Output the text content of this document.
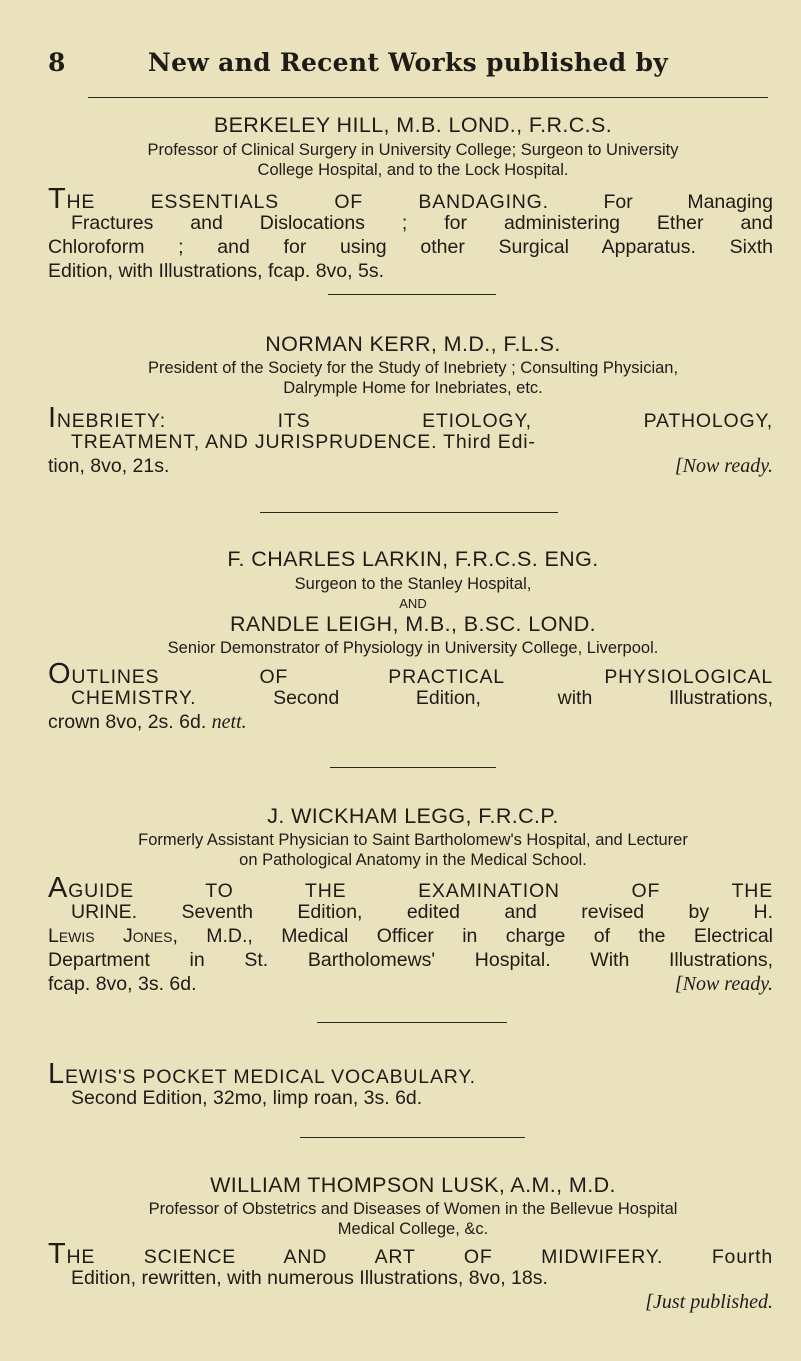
8	New and Recent Works published by
BERKELEY HILL, M.B. LOND., F.R.C.S.
Professor of Clinical Surgery in University College; Surgeon to University
College Hospital, and to the Lock Hospital.
THE ESSENTIALS OF BANDAGING.	For Managing
Fractures and Dislocations ; for administering Ether and
Chloroform ; and for using other Surgical Apparatus. Sixth
Edition, with Illustrations, fcap. 8vo, 5s.
NORMAN KERR, M.D., F.L.S.
President of the Society for the Study of Inebriety ; Consulting Physician,
Dalrymple Home for Inebriates, etc.
INEBRIETY: ITS ETIOLOGY, PATHOLOGY,
TREATMENT, AND JURISPRUDENCE. Third Edi-
tion, 8vo, 21s.	[Now ready.
F. CHARLES LARKIN, F.R.C.S. ENG.
Surgeon to the Stanley Hospital,
AND
RANDLE LEIGH, M.B., B.SC. LOND.
Senior Demonstrator of Physiology in University College, Liverpool.
OUTLINES OF PRACTICAL PHYSIOLOGICAL
CHEMISTRY.	Second Edition, with Illustrations,
crown 8vo, 2s. 6d. nett.
J. WICKHAM LEGG, F.R.C.P.
Formerly Assistant Physician to Saint Bartholomew's Hospital, and Lecturer
on Pathological Anatomy in the Medical School.
AGUIDE TO THE EXAMINATION OF THE
URINE. Seventh Edition, edited and revised by H.
Lewis Jones, M.D., Medical Officer in charge of the Electrical
Department in St. Bartholomews' Hospital. With Illustrations,
fcap. 8vo, 3s. 6d.	[Now ready.
LEWIS'S POCKET MEDICAL VOCABULARY.
Second Edition, 32mo, limp roan, 3s. 6d.
WILLIAM THOMPSON LUSK, A.M., M.D.
Professor of Obstetrics and Diseases of Women in the Bellevue Hospital
Medical College, &c.
THE SCIENCE AND ART OF MIDWIFERY. Fourth
Edition, rewritten, with numerous Illustrations, 8vo, 18s.
[Just published.
